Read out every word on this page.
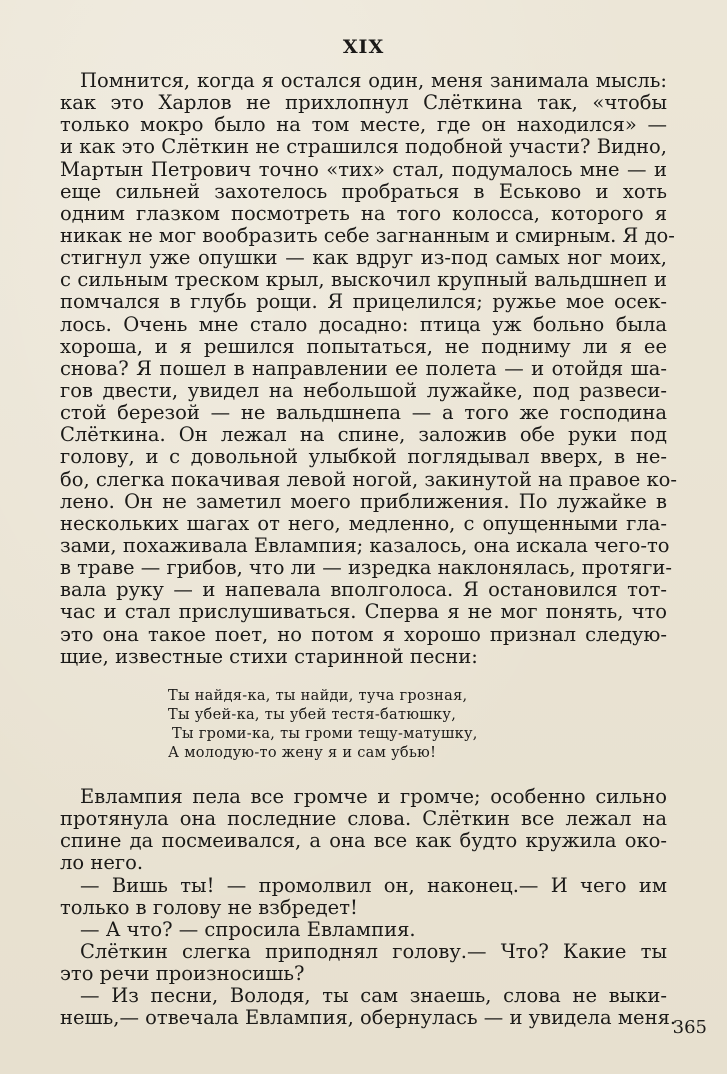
XIX
Помнится, когда я остался один, меня занимала мысль:
как это Харлов не прихлопнул Слёткина так, «чтобы
только мокро было на том месте, где он находился» —
и как это Слёткин не страшился подобной участи? Видно,
Мартын Петрович точно «тих» стал, подумалось мне — и
еще сильней захотелось пробраться в Еськово и хоть
одним глазком посмотреть на того колосса, которого я
никак не мог вообразить себе загнанным и смирным. Я до-
стигнул уже опушки — как вдруг из-под самых ног моих,
с сильным треском крыл, выскочил крупный вальдшнеп и
помчался в глубь рощи. Я прицелился; ружье мое осек-
лось. Очень мне стало досадно: птица уж больно была
хороша, и я решился попытаться, не подниму ли я ее
снова? Я пошел в направлении ее полета — и отойдя ша-
гов двести, увидел на небольшой лужайке, под развеси-
стой березой — не вальдшнепа — а того же господина
Слёткина. Он лежал на спине, заложив обе руки под
голову, и с довольной улыбкой поглядывал вверх, в не-
бо, слегка покачивая левой ногой, закинутой на правое ко-
лено. Он не заметил моего приближения. По лужайке в
нескольких шагах от него, медленно, с опущенными гла-
зами, похаживала Евлампия; казалось, она искала чего-то
в траве — грибов, что ли — изредка наклонялась, протяги-
вала руку — и напевала вполголоса. Я остановился тот-
час и стал прислушиваться. Сперва я не мог понять, что
это она такое поет, но потом я хорошо признал следую-
щие, известные стихи старинной песни:
Ты найдя-ка, ты найди, туча грозная,
Ты убей-ка, ты убей тестя-батюшку,
Ты громи-ка, ты громи тещу-матушку,
А молодую-то жену я и сам убью!
Евлампия пела все громче и громче; особенно сильно
протянула она последние слова. Слёткин все лежал на
спине да посмеивался, а она все как будто кружила око-
ло него.
— Вишь ты! — промолвил он, наконец.— И чего им
только в голову не взбредет!
— А что? — спросила Евлампия.
Слёткин слегка приподнял голову.— Что? Какие ты
это речи произносишь?
— Из песни, Володя, ты сам знаешь, слова не выки-
нешь,— отвечала Евлампия, обернулась — и увидела меня.
365
